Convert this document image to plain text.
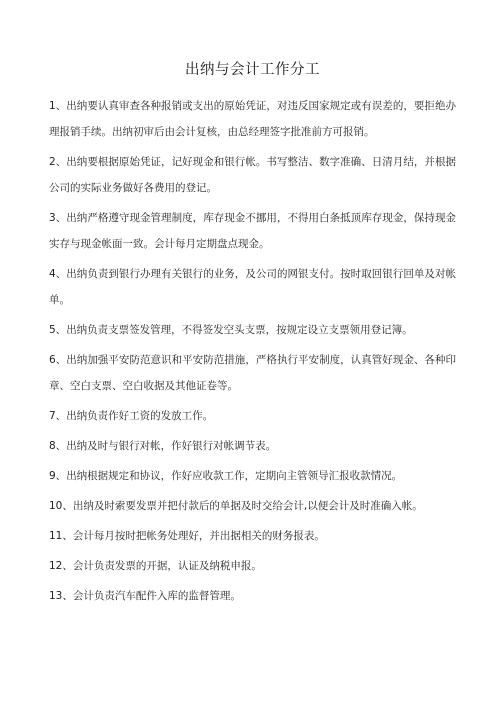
出纳与会计工作分工
1、出纳要认真审查各种报销或支出的原始凭证，对违反国家规定或有误差的，要拒绝办理报销手续。出纳初审后由会计复核，由总经理签字批准前方可报销。
2、出纳要根据原始凭证，记好现金和银行帐。书写整洁、数字准确、日清月结，并根据公司的实际业务做好各费用的登记。
3、出纳严格遵守现金管理制度，库存现金不挪用，不得用白条抵顶库存现金，保持现金实存与现金帐面一致。会计每月定期盘点现金。
4、出纳负责到银行办理有关银行的业务，及公司的网银支付。按时取回银行回单及对帐单。
5、出纳负责支票签发管理，不得签发空头支票，按规定设立支票领用登记簿。
6、出纳加强平安防范意识和平安防范措施，严格执行平安制度，认真管好现金、各种印章、空白支票、空白收据及其他证卷等。
7、出纳负责作好工资的发放工作。
8、出纳及时与银行对帐，作好银行对帐调节表。
9、出纳根据规定和协议，作好应收款工作，定期向主管领导汇报收款情况。
10、出纳及时索要发票并把付款后的单据及时交给会计,以便会计及时准确入帐。
11、会计每月按时把帐务处理好，并出据相关的财务报表。
12、会计负责发票的开据，认证及纳税申报。
13、会计负责汽车配件入库的监督管理。
